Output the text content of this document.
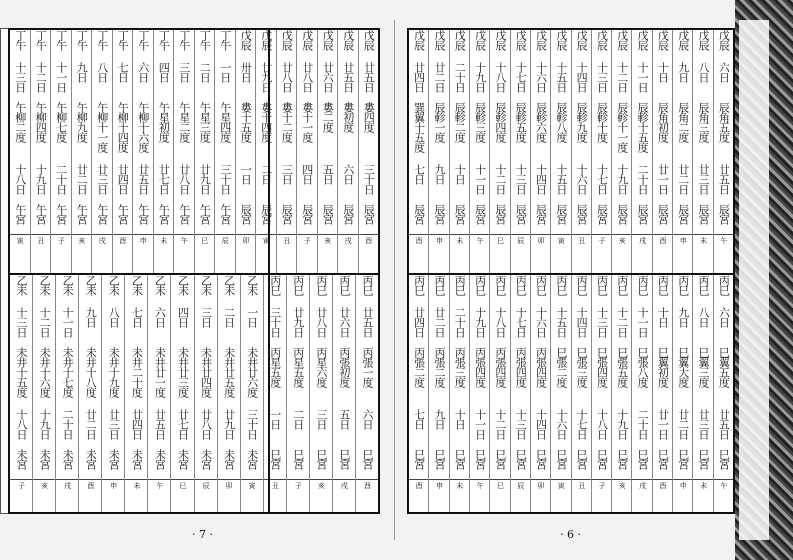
戊辰
廿五日
婁四度
三十日
辰宮
酉
戊辰
廿五日
婁初度
六日
辰宮
戌
戊辰
廿六日
婁二度
五日
辰宮
亥
戊辰
廿八日
婁十一度
四日
辰宮
子
戊辰
廿八日
婁十二度
三日
辰宮
丑
戊辰
廿九日
婁十四度
二日
辰宮
寅
戊辰
卅日
婁十五度
一日
辰宮
卯
丁午
一日
午星四度
三十日
午宮
辰
丁午
二日
午星三度
廿九日
午宮
巳
丁午
三日
午星二度
廿八日
午宮
午
丁午
四日
午星初度
廿七日
午宮
未
丁午
六日
午柳十六度
廿五日
午宮
申
丁午
七日
午柳十四度
廿四日
午宮
酉
丁午
八日
午柳十一度
廿三日
午宮
戌
丁午
九日
午柳九度
廿二日
午宮
亥
丁午
十一日
午柳七度
二十日
午宮
子
丁午
十二日
午柳四度
十九日
午宮
丑
丁午
十三日
午柳二度
十八日
午宮
寅
丙巳
廿五日
丙張一度
六日
巳宮
酉
丙巳
廿六日
丙張初度
五日
巳宮
戌
丙巳
廿八日
丙星六度
三日
巳宮
亥
丙巳
廿九日
丙星五度
二日
巳宮
子
丙巳
三十日
丙星五度
一日
巳宮
丑
乙未
一日
未井廿六度
三十日
未宮
寅
乙未
二日
未井廿五度
廿九日
未宮
卯
乙未
三日
未井廿四度
廿八日
未宮
辰
乙未
四日
未井廿三度
廿七日
未宮
巳
乙未
六日
未井廿一度
廿五日
未宮
午
乙未
七日
未井二十度
廿四日
未宮
未
乙未
八日
未井十九度
廿三日
未宮
申
乙未
九日
未井十八度
廿二日
未宮
酉
乙未
十一日
未井十七度
二十日
未宮
戌
乙未
十二日
未井十六度
十九日
未宮
亥
乙未
十三日
未井十五度
十八日
未宮
子
· 7 ·
戊辰
六日
辰角五度
廿五日
辰宮
午
戊辰
八日
辰角三度
廿三日
辰宮
未
戊辰
九日
辰角二度
廿二日
辰宮
申
戊辰
十日
辰角初度
廿一日
辰宮
酉
戊辰
十一日
辰軫十五度
二十日
辰宮
戌
戊辰
十二日
辰軫十一度
十九日
辰宮
亥
戊辰
十三日
辰軫十度
十七日
辰宮
子
戊辰
十四日
辰軫九度
十六日
辰宮
丑
戊辰
十五日
辰軫八度
十五日
辰宮
寅
戊辰
十六日
辰軫六度
十四日
辰宮
卯
戊辰
十七日
辰軫五度
十三日
辰宮
辰
戊辰
十八日
辰軫四度
十二日
辰宮
巳
戊辰
十九日
辰軫三度
十一日
辰宮
午
戊辰
二十日
辰軫二度
十日
辰宮
未
戊辰
廿二日
辰軫一度
九日
辰宮
申
戊辰
廿四日
巽翼十五度
七日
辰宮
酉
丙巳
六日
巳翼五度
廿五日
巳宮
午
丙巳
八日
巳翼三度
廿三日
巳宮
未
丙巳
九日
巳翼大度
廿二日
巳宮
申
丙巳
十日
巳翼初度
廿一日
巳宮
酉
丙巳
十一日
巳張八度
二十日
巳宮
戌
丙巳
十二日
巳張五度
十九日
巳宮
亥
丙巳
十三日
巳張四度
十八日
巳宮
子
丙巳
十四日
巳張三度
十七日
巳宮
丑
丙巳
十五日
巳張二度
十六日
巳宮
寅
丙巳
十六日
丙張四度
十四日
巳宮
卯
丙巳
十七日
丙張四度
十三日
巳宮
辰
丙巳
十八日
丙張四度
十二日
巳宮
巳
丙巳
十九日
丙張四度
十一日
巳宮
午
丙巳
二十日
丙張三度
十日
巳宮
未
丙巳
廿二日
丙張二度
九日
巳宮
申
丙巳
廿四日
丙張二度
七日
巳宮
酉
· 6 ·
